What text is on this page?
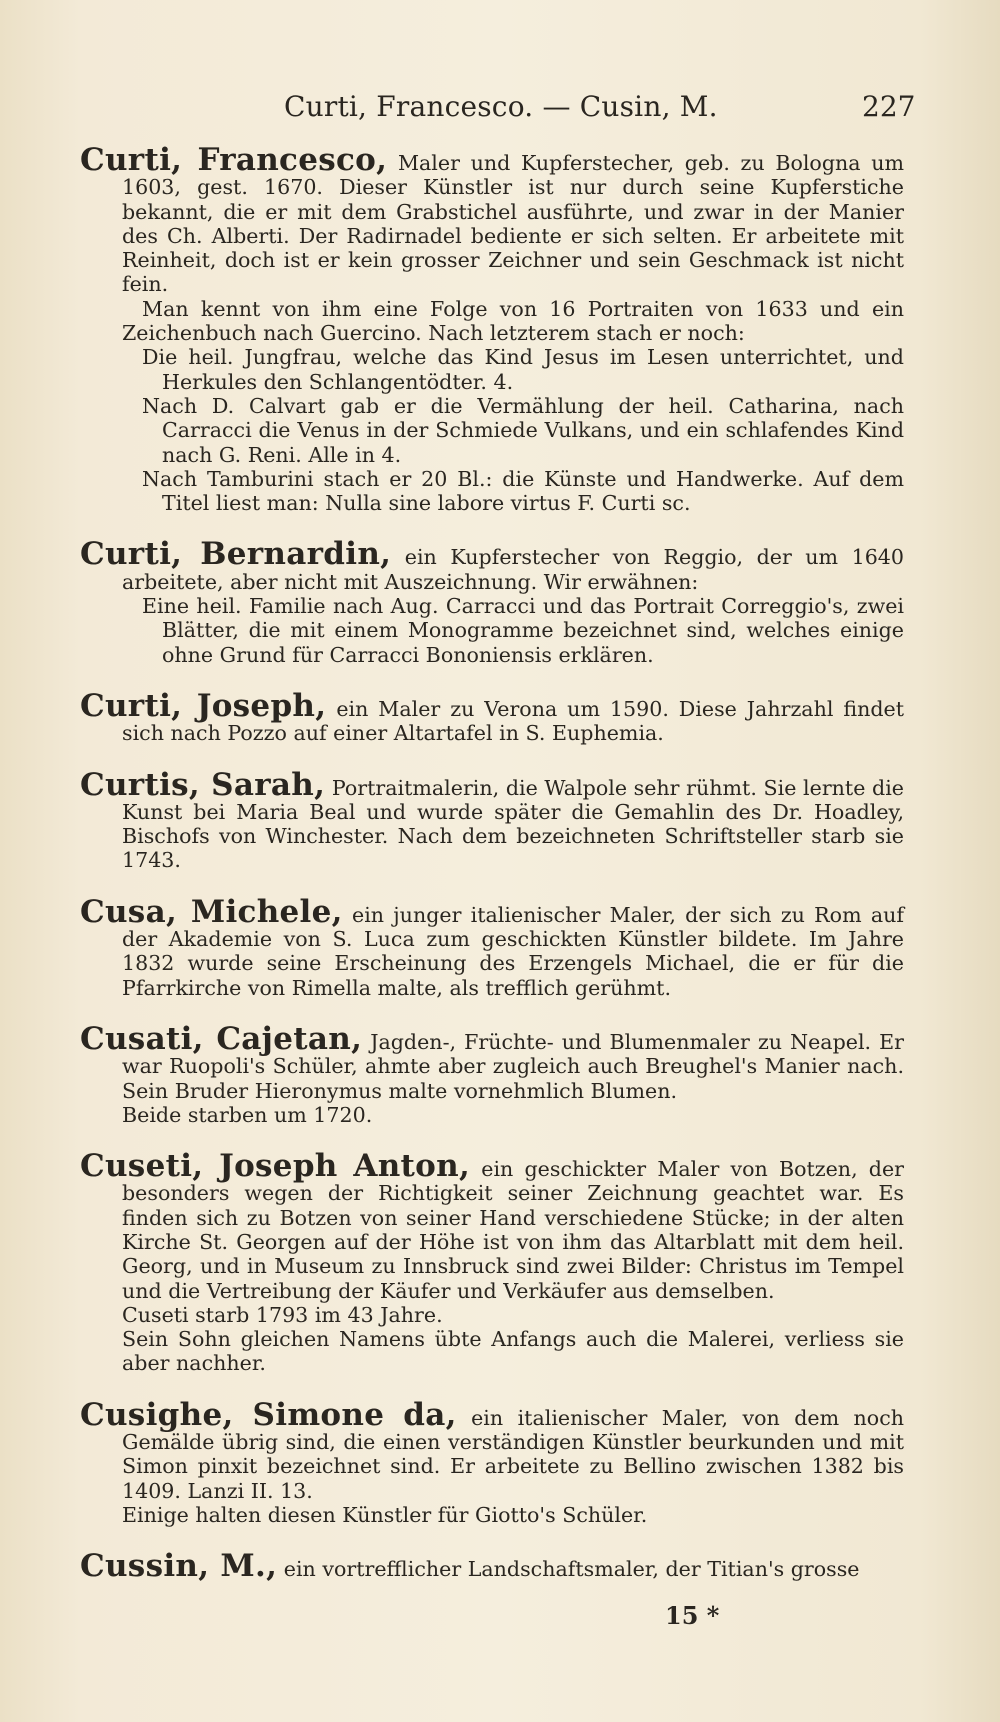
Curti, Francesco. — Cusin, M.	227

Curti, Francesco, Maler und Kupferstecher, geb. zu Bologna um 1603, gest. 1670. Dieser Künstler ist nur durch seine Kupferstiche bekannt, die er mit dem Grabstichel ausführte, und zwar in der Manier des Ch. Alberti. Der Radirnadel bediente er sich selten. Er arbeitete mit Reinheit, doch ist er kein grosser Zeichner und sein Geschmack ist nicht fein.

Man kennt von ihm eine Folge von 16 Portraiten von 1633 und ein Zeichenbuch nach Guercino. Nach letzterem stach er noch:

Die heil. Jungfrau, welche das Kind Jesus im Lesen unterrichtet, und Herkules den Schlangentödter. 4.

Nach D. Calvart gab er die Vermählung der heil. Catharina, nach Carracci die Venus in der Schmiede Vulkans, und ein schlafendes Kind nach G. Reni. Alle in 4.

Nach Tamburini stach er 20 Bl.: die Künste und Handwerke. Auf dem Titel liest man: Nulla sine labore virtus F. Curti sc.

Curti, Bernardin, ein Kupferstecher von Reggio, der um 1640 arbeitete, aber nicht mit Auszeichnung. Wir erwähnen:

Eine heil. Familie nach Aug. Carracci und das Portrait Correggio's, zwei Blätter, die mit einem Monogramme bezeichnet sind, welches einige ohne Grund für Carracci Bononiensis erklären.

Curti, Joseph, ein Maler zu Verona um 1590. Diese Jahrzahl findet sich nach Pozzo auf einer Altartafel in S. Euphemia.

Curtis, Sarah, Portraitmalerin, die Walpole sehr rühmt. Sie lernte die Kunst bei Maria Beal und wurde später die Gemahlin des Dr. Hoadley, Bischofs von Winchester. Nach dem bezeichneten Schriftsteller starb sie 1743.

Cusa, Michele, ein junger italienischer Maler, der sich zu Rom auf der Akademie von S. Luca zum geschickten Künstler bildete. Im Jahre 1832 wurde seine Erscheinung des Erzengels Michael, die er für die Pfarrkirche von Rimella malte, als trefflich gerühmt.

Cusati, Cajetan, Jagden-, Früchte- und Blumenmaler zu Neapel. Er war Ruopoli's Schüler, ahmte aber zugleich auch Breughel's Manier nach. Sein Bruder Hieronymus malte vornehmlich Blumen.

Beide starben um 1720.

Cuseti, Joseph Anton, ein geschickter Maler von Botzen, der besonders wegen der Richtigkeit seiner Zeichnung geachtet war. Es finden sich zu Botzen von seiner Hand verschiedene Stücke; in der alten Kirche St. Georgen auf der Höhe ist von ihm das Altarblatt mit dem heil. Georg, und in Museum zu Innsbruck sind zwei Bilder: Christus im Tempel und die Vertreibung der Käufer und Verkäufer aus demselben.

Cuseti starb 1793 im 43 Jahre.

Sein Sohn gleichen Namens übte Anfangs auch die Malerei, verliess sie aber nachher.

Cusighe, Simone da, ein italienischer Maler, von dem noch Gemälde übrig sind, die einen verständigen Künstler beurkunden und mit Simon pinxit bezeichnet sind. Er arbeitete zu Bellino zwischen 1382 bis 1409. Lanzi II. 13.

Einige halten diesen Künstler für Giotto's Schüler.

Cussin, M., ein vortrefflicher Landschaftsmaler, der Titian's grosse

15 *
